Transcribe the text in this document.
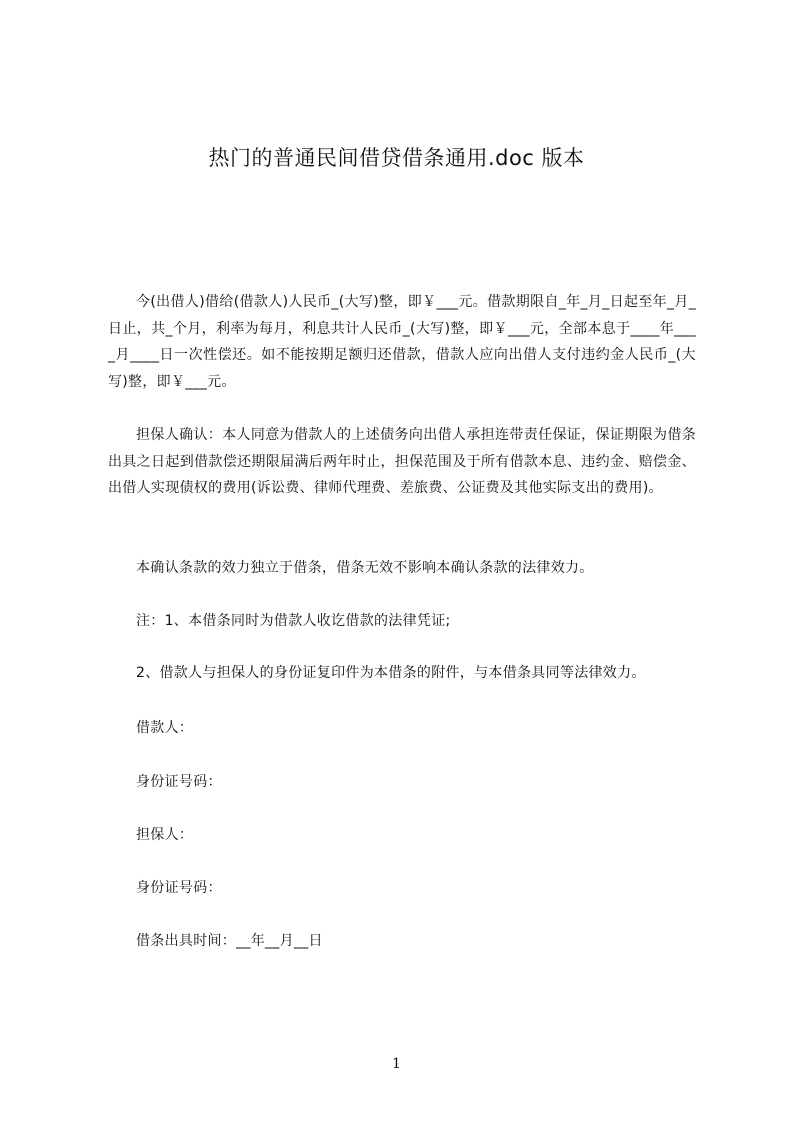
热门的普通民间借贷借条通用.doc 版本
今(出借人)借给(借款人)人民币_(大写)整，即￥___元。借款期限自_年_月_日起至年_月_日止，共_个月，利率为每月，利息共计人民币_(大写)整，即￥___元，全部本息于____年____月____日一次性偿还。如不能按期足额归还借款，借款人应向出借人支付违约金人民币_(大写)整，即￥___元。
担保人确认：本人同意为借款人的上述债务向出借人承担连带责任保证，保证期限为借条出具之日起到借款偿还期限届满后两年时止，担保范围及于所有借款本息、违约金、赔偿金、出借人实现债权的费用(诉讼费、律师代理费、差旅费、公证费及其他实际支出的费用)。
本确认条款的效力独立于借条，借条无效不影响本确认条款的法律效力。
注：1、本借条同时为借款人收讫借款的法律凭证;
2、借款人与担保人的身份证复印件为本借条的附件，与本借条具同等法律效力。
借款人：
身份证号码：
担保人：
身份证号码：
借条出具时间：__年__月__日
1
